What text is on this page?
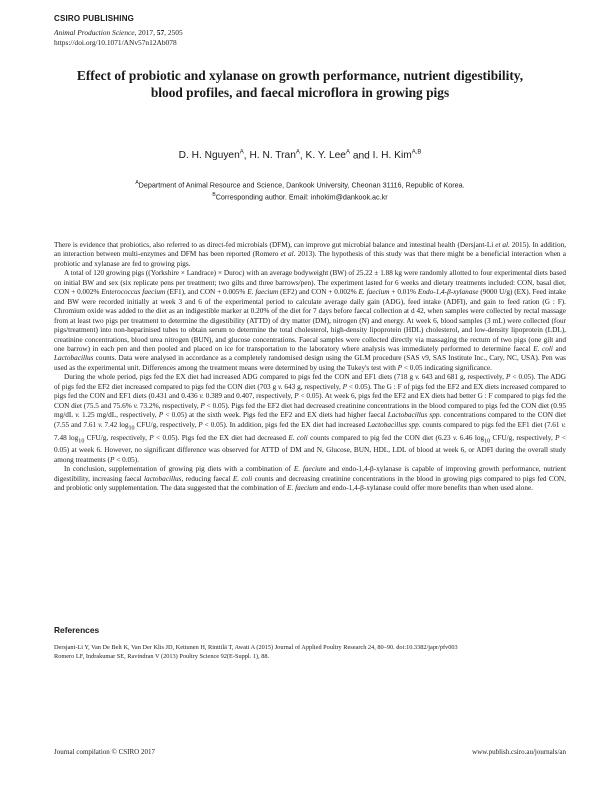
CSIRO PUBLISHING
Animal Production Science, 2017, 57, 2505
https://doi.org/10.1071/ANv57n12Ab078
Effect of probiotic and xylanase on growth performance, nutrient digestibility, blood profiles, and faecal microflora in growing pigs
D. H. Nguyen$^A$, H. N. Tran$^A$, K. Y. Lee$^A$ and I. H. Kim$^{A,B}$
$^A$Department of Animal Resource and Science, Dankook University, Cheonan 31116, Republic of Korea.
$^B$Corresponding author. Email: inhokim@dankook.ac.kr

There is evidence that probiotics, also referred to as direct-fed microbials (DFM), can improve gut microbial balance and intestinal health (Dersjant-Li et al. 2015). In addition, an interaction between multi-enzymes and DFM has been reported (Romero et al. 2013). The hypothesis of this study was that there might be a beneficial interaction when a probiotic and xylanase are fed to growing pigs.

A total of 120 growing pigs ((Yorkshire × Landrace) × Duroc) with an average bodyweight (BW) of 25.22 ± 1.88 kg were randomly allotted to four experimental diets based on initial BW and sex (six replicate pens per treatment; two gilts and three barrows/pen). The experiment lasted for 6 weeks and dietary treatments included: CON, basal diet, CON + 0.002% Enterococcus faecium (EF1), and CON + 0.005% E. faecium (EF2) and CON + 0.002% E. faecium + 0.01% Endo-1,4-β-xylanase (9000 U/g) (EX). Feed intake and BW were recorded initially at week 3 and 6 of the experimental period to calculate average daily gain (ADG), feed intake (ADFI), and gain to feed ration (G : F). Chromium oxide was added to the diet as an indigestible marker at 0.20% of the diet for 7 days before faecal collection at d 42, when samples were collected by rectal massage from at least two pigs per treatment to determine the digestibility (ATTD) of dry matter (DM), nitrogen (N) and energy. At week 6, blood samples (3 mL) were collected (four pigs/treatment) into non-heparinised tubes to obtain serum to determine the total cholesterol, high-density lipoprotein (HDL) cholesterol, and low-density lipoprotein (LDL), creatinine concentrations, blood urea nitrogen (BUN), and glucose concentrations. Faecal samples were collected directly via massaging the rectum of two pigs (one gilt and one barrow) in each pen and then pooled and placed on ice for transportation to the laboratory where analysis was immediately performed to determine faecal E. coli and Lactobacillus counts. Data were analysed in accordance as a completely randomised design using the GLM procedure (SAS v9, SAS Institute Inc., Cary, NC, USA). Pen was used as the experimental unit. Differences among the treatment means were determined by using the Tukey's test with P < 0.05 indicating significance.

During the whole period, pigs fed the EX diet had increased ADG compared to pigs fed the CON and EF1 diets (718 g v. 643 and 681 g, respectively, P < 0.05). The ADG of pigs fed the EF2 diet increased compared to pigs fed the CON diet (703 g v. 643 g, respectively, P < 0.05). The G : F of pigs fed the EF2 and EX diets increased compared to pigs fed the CON and EF1 diets (0.431 and 0.436 v. 0.389 and 0.407, respectively, P < 0.05). At week 6, pigs fed the EF2 and EX diets had better G : F compared to pigs fed the CON diet (75.5 and 75.6% v. 73.2%, respectively, P < 0.05). Pigs fed the EF2 diet had decreased creatinine concentrations in the blood compared to pigs fed the CON diet (0.95 mg/dL v. 1.25 mg/dL, respectively, P < 0.05) at the sixth week. Pigs fed the EF2 and EX diets had higher faecal Lactobacillus spp. concentrations compared to the CON diet (7.55 and 7.61 v. 7.42 $\log_{10} CFU/g$, respectively, P < 0.05). In addition, pigs fed the EX diet had increased Lactobacillus spp. counts compared to pigs fed the EF1 diet (7.61 v. 7.48 $\log_{10} CFU/g$, respectively, P < 0.05). Pigs fed the EX diet had decreased E. coli counts compared to pig fed the CON diet (6.23 v. 6.46 $\log_{10} CFU/g$, respectively, P < 0.05) at week 6. However, no significant difference was observed for ATTD of DM and N, Glucose, BUN, HDL, LDL of blood at week 6, or ADFI during the overall study among treatments (P < 0.05).

In conclusion, supplementation of growing pig diets with a combination of E. faecium and endo-1,4-β-xylanase is capable of improving growth performance, nutrient digestibility, increasing faecal lactobacillus, reducing faecal E. coli counts and decreasing creatinine concentrations in the blood in growing pigs compared to pigs fed CON, and probiotic only supplementation. The data suggested that the combination of E. faecium and endo-1,4-β-xylanase could offer more benefits than when used alone.

References
Dersjant-Li Y, Van De Belt K, Van Der Klis JD, Kettunen H, Rinttilä T, Awati A (2015) Journal of Applied Poultry Research 24, 80–90. doi:10.3382/japr/pfv003
Romero LF, Indrakumar SE, Ravindran V (2013) Poultry Science 92(E-Suppl. 1), 88.
Journal compilation © CSIRO 2017	www.publish.csiro.au/journals/an
